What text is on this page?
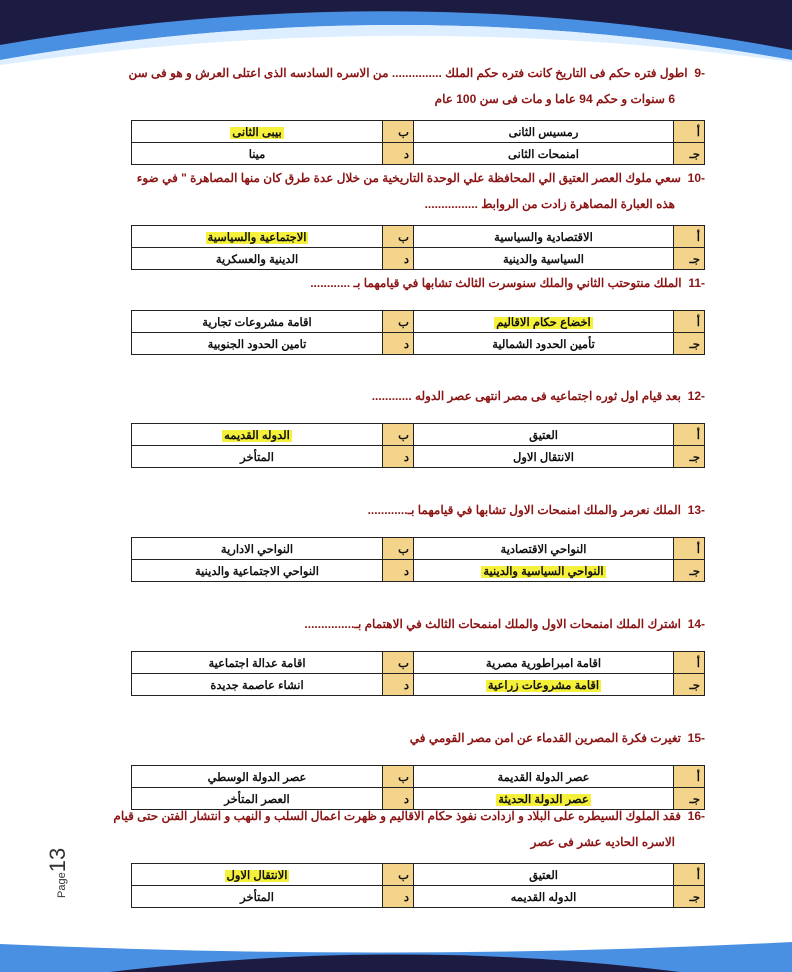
-9  اطول فتره حكم فى التاريخ كانت فتره حكم الملك ............... من الاسره السادسه الذى اعتلى العرش و هو فى سن
6 سنوات و حكم 94 عاما و مات فى سن 100 عام
أ	رمسيس الثانى	ب	بيبى الثانى
جـ	امنمحات الثانى	د	مينا
-10  سعي ملوك العصر العتيق الي المحافظة علي الوحدة التاريخية من خلال عدة طرق كان منها المصاهرة " في ضوء
هذه العبارة المصاهرة زادت من الروابط ................
أ	الاقتصادية والسياسية	ب	الاجتماعية والسياسية
جـ	السياسية والدينية	د	الدينية والعسكرية
-11  الملك منتوحتب الثاني والملك سنوسرت الثالث تشابها في قيامهما بـ ............
أ	اخضاع حكام الاقاليم	ب	اقامة مشروعات تجارية
جـ	تأمين الحدود الشمالية	د	تامين الحدود الجنوبية
-12  بعد قيام اول ثوره اجتماعيه فى مصر انتهى عصر الدوله ............
أ	العتيق	ب	الدوله القديمه
جـ	الانتقال الاول	د	المتأخر
-13  الملك نعرمر والملك امنمحات الاول تشابها في قيامهما بـ............
أ	النواحي الاقتصادية	ب	النواحي الادارية
جـ	النواحي السياسية والدينية	د	النواحي الاجتماعية والدينية
-14  اشترك الملك امنمحات الاول والملك امنمحات الثالث في الاهتمام بـ...............
أ	اقامة امبراطورية مصرية	ب	اقامة عدالة اجتماعية
جـ	اقامة مشروعات زراعية	د	انشاء عاصمة جديدة
-15  تغيرت فكرة المصرين القدماء عن امن مصر القومي في
أ	عصر الدولة القديمة	ب	عصر الدولة الوسطي
جـ	عصر الدولة الحديثة	د	العصر المتأخر
-16  فقد الملوك السيطره على البلاد و ازدادت نفوذ حكام الاقاليم و ظهرت اعمال السلب و النهب و انتشار الفتن حتى قيام
الاسره الحاديه عشر فى عصر
أ	العتيق	ب	الانتقال الاول
جـ	الدوله القديمه	د	المتأخر
Page13
